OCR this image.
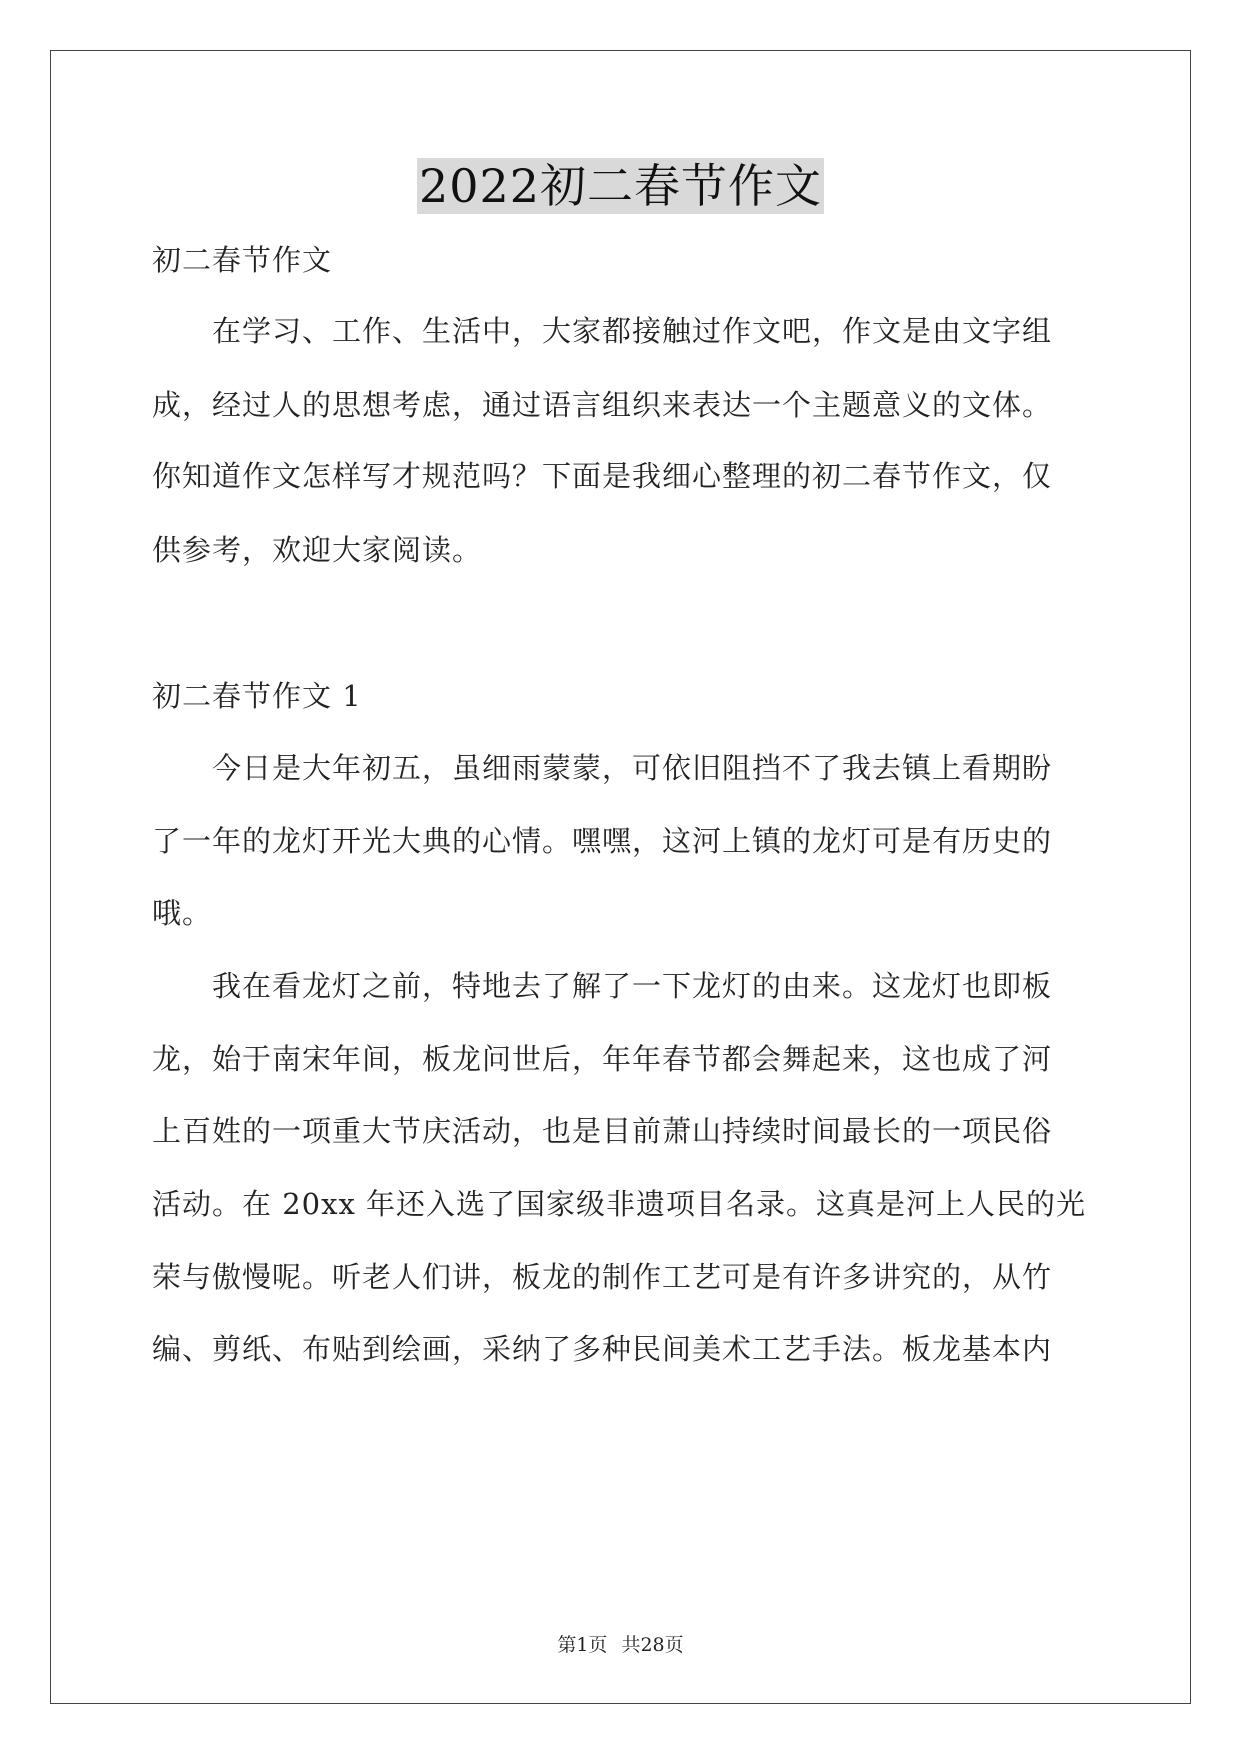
2022初二春节作文
初二春节作文
在学习、工作、生活中，大家都接触过作文吧，作文是由文字组
成，经过人的思想考虑，通过语言组织来表达一个主题意义的文体。
你知道作文怎样写才规范吗？下面是我细心整理的初二春节作文，仅
供参考，欢迎大家阅读。
初二春节作文 1
今日是大年初五，虽细雨蒙蒙，可依旧阻挡不了我去镇上看期盼
了一年的龙灯开光大典的心情。嘿嘿，这河上镇的龙灯可是有历史的
哦。
我在看龙灯之前，特地去了解了一下龙灯的由来。这龙灯也即板
龙，始于南宋年间，板龙问世后，年年春节都会舞起来，这也成了河
上百姓的一项重大节庆活动，也是目前萧山持续时间最长的一项民俗
活动。在 20xx 年还入选了国家级非遗项目名录。这真是河上人民的光
荣与傲慢呢。听老人们讲，板龙的制作工艺可是有许多讲究的，从竹
编、剪纸、布贴到绘画，采纳了多种民间美术工艺手法。板龙基本内
第1页 共28页
